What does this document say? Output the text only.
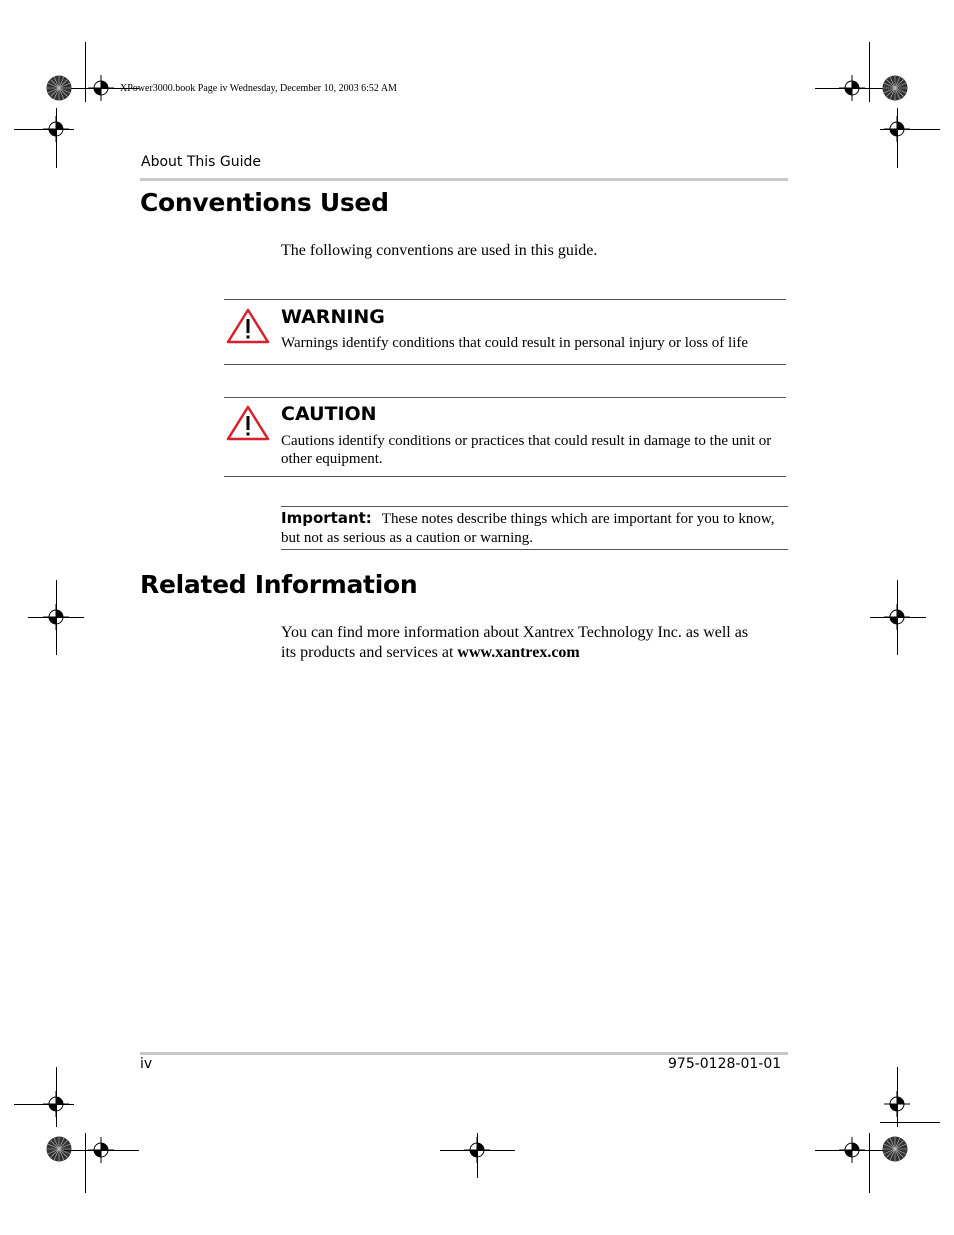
XPower3000.book Page iv Wednesday, December 10, 2003 6:52 AM
About This Guide
Conventions Used
The following conventions are used in this guide.
WARNING
Warnings identify conditions that could result in personal injury or loss of life
CAUTION
Cautions identify conditions or practices that could result in damage to the unit or
other equipment.
Important: These notes describe things which are important for you to know,
but not as serious as a caution or warning.
Related Information
You can find more information about Xantrex Technology Inc. as well as
its products and services at www.xantrex.com
iv	975-0128-01-01
